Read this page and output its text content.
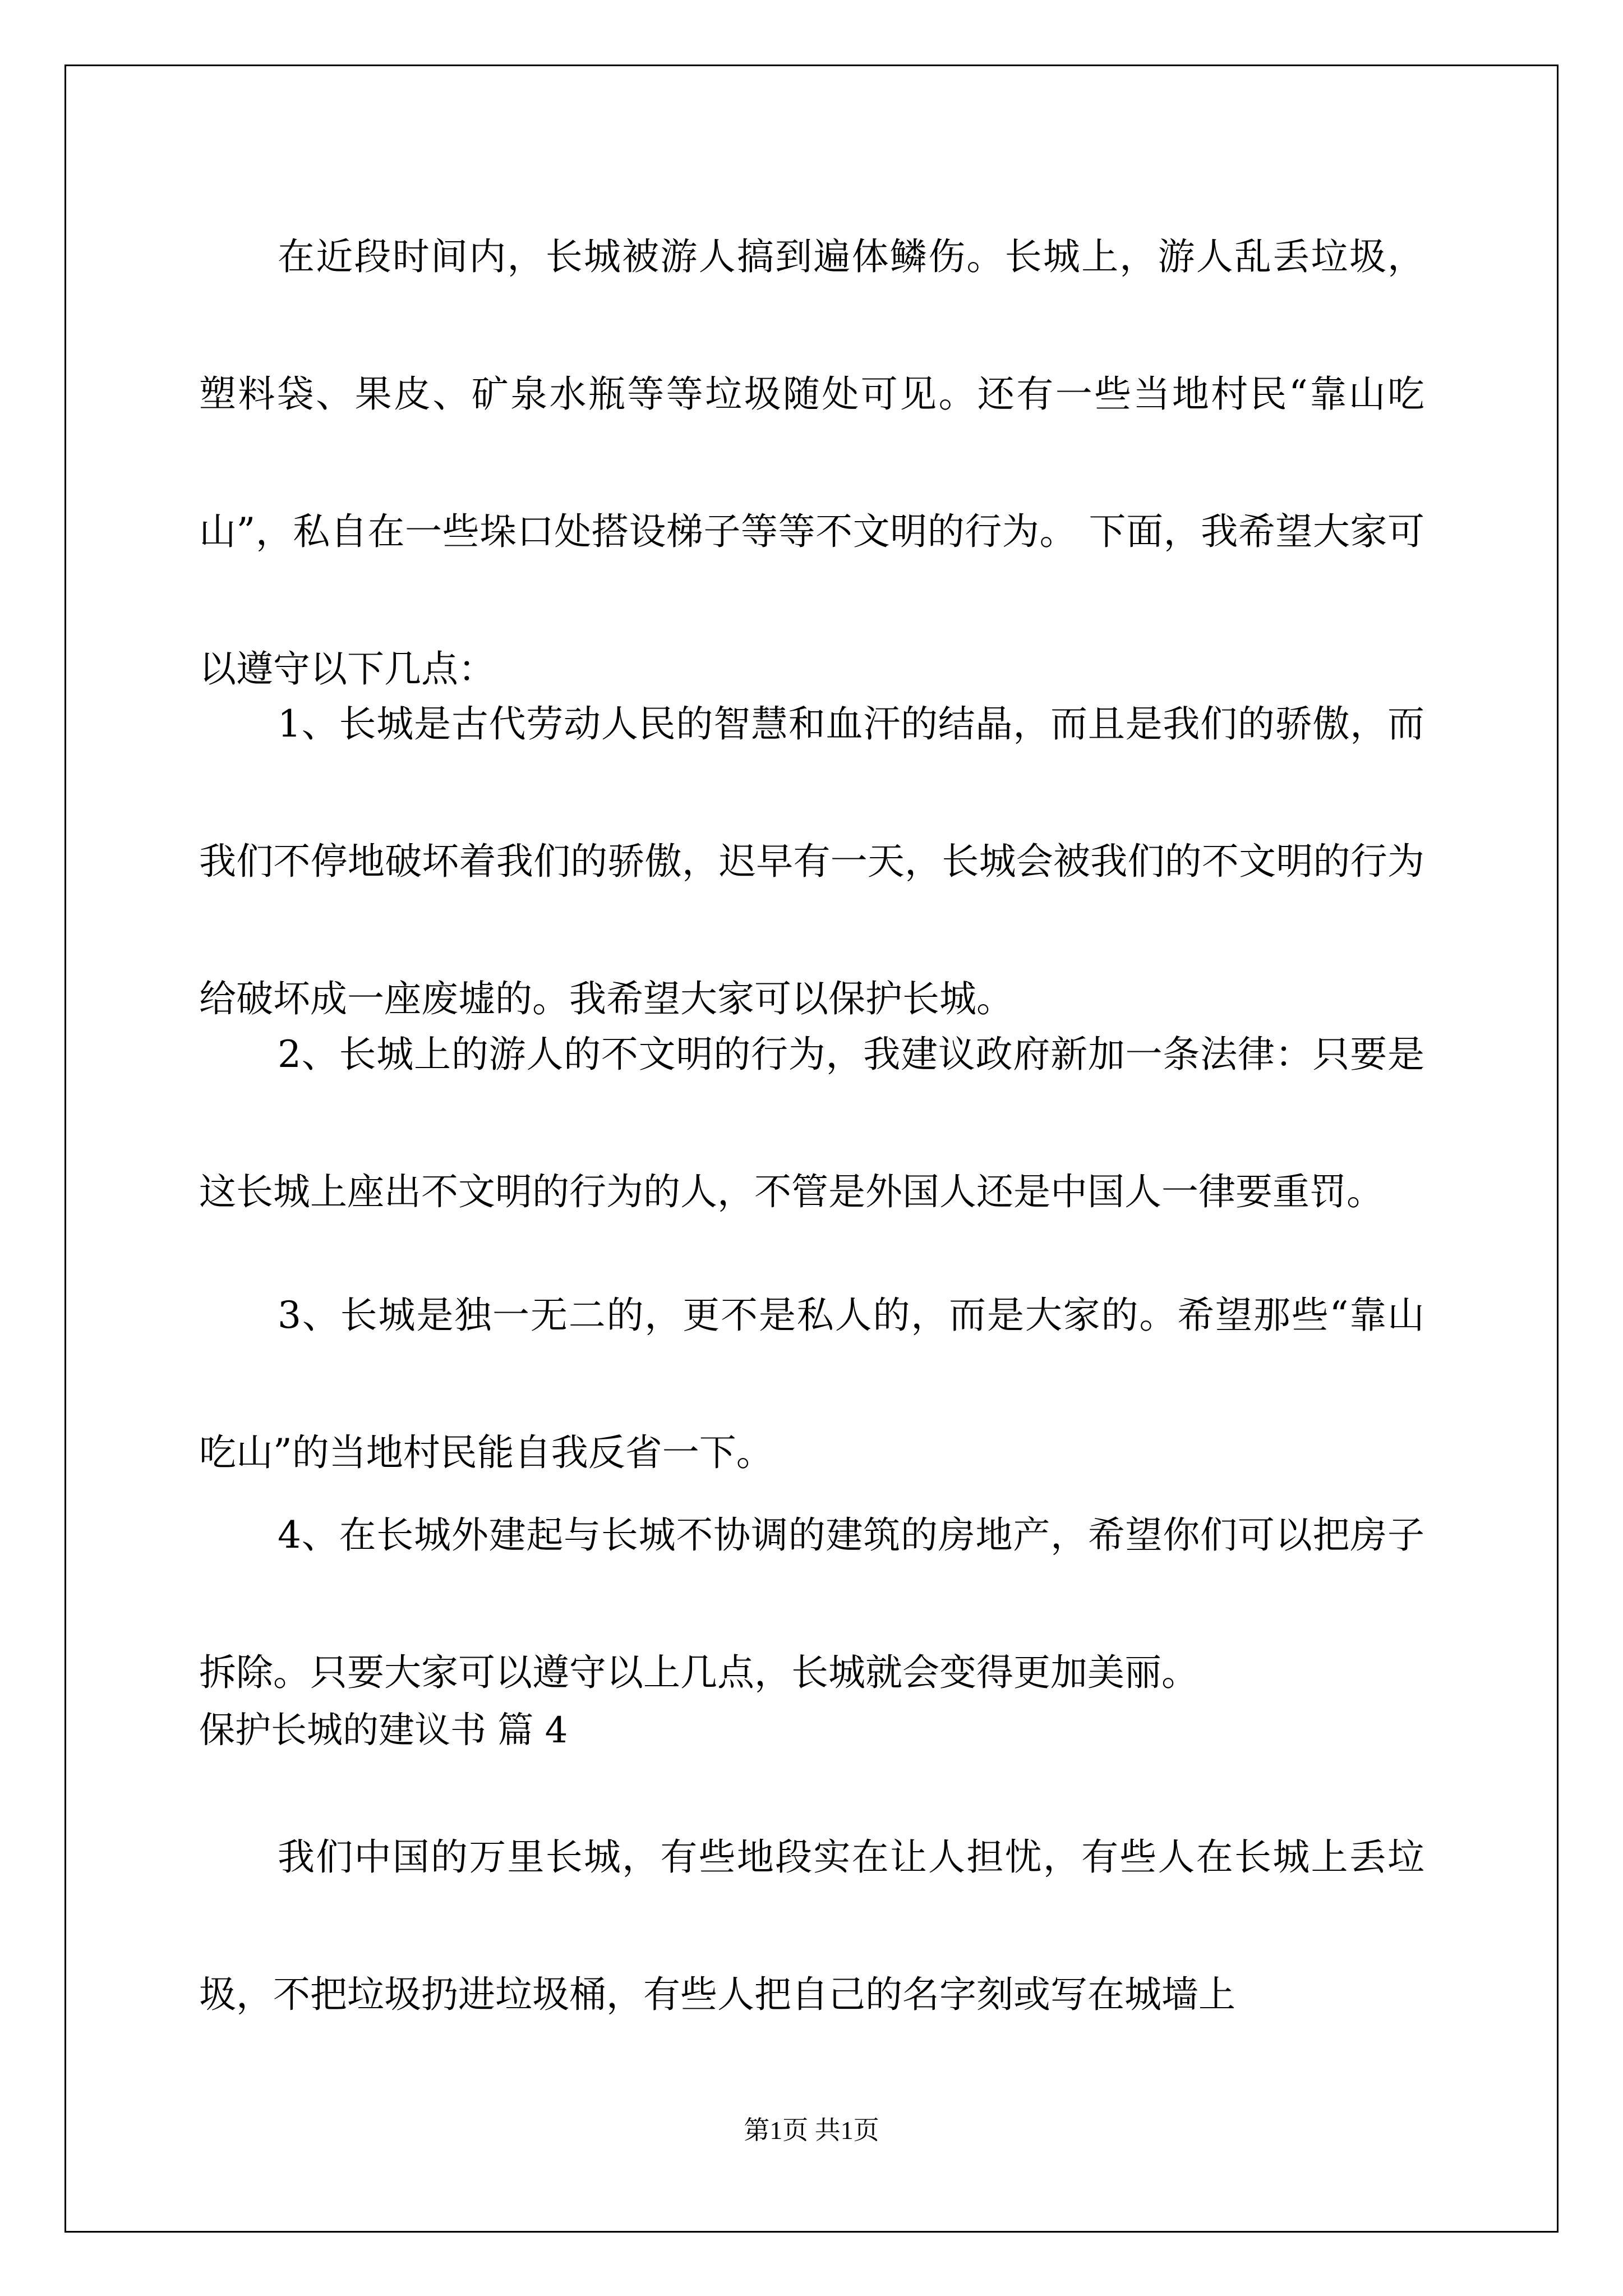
在近段时间内，长城被游人搞到遍体鳞伤。长城上，游人乱丢垃圾，塑料袋、果皮、矿泉水瓶等等垃圾随处可见。还有一些当地村民“靠山吃山”，私自在一些垛口处搭设梯子等等不文明的行为。 下面，我希望大家可以遵守以下几点：

1、长城是古代劳动人民的智慧和血汗的结晶，而且是我们的骄傲，而我们不停地破坏着我们的骄傲，迟早有一天，长城会被我们的不文明的行为给破坏成一座废墟的。我希望大家可以保护长城。

2、长城上的游人的不文明的行为，我建议政府新加一条法律：只要是这长城上座出不文明的行为的人，不管是外国人还是中国人一律要重罚。

3、长城是独一无二的，更不是私人的，而是大家的。希望那些“靠山吃山”的当地村民能自我反省一下。

4、在长城外建起与长城不协调的建筑的房地产，希望你们可以把房子拆除。只要大家可以遵守以上几点，长城就会变得更加美丽。

保护长城的建议书 篇 4

我们中国的万里长城，有些地段实在让人担忧，有些人在长城上丢垃圾，不把垃圾扔进垃圾桶，有些人把自己的名字刻或写在城墙上

第1页 共1页
